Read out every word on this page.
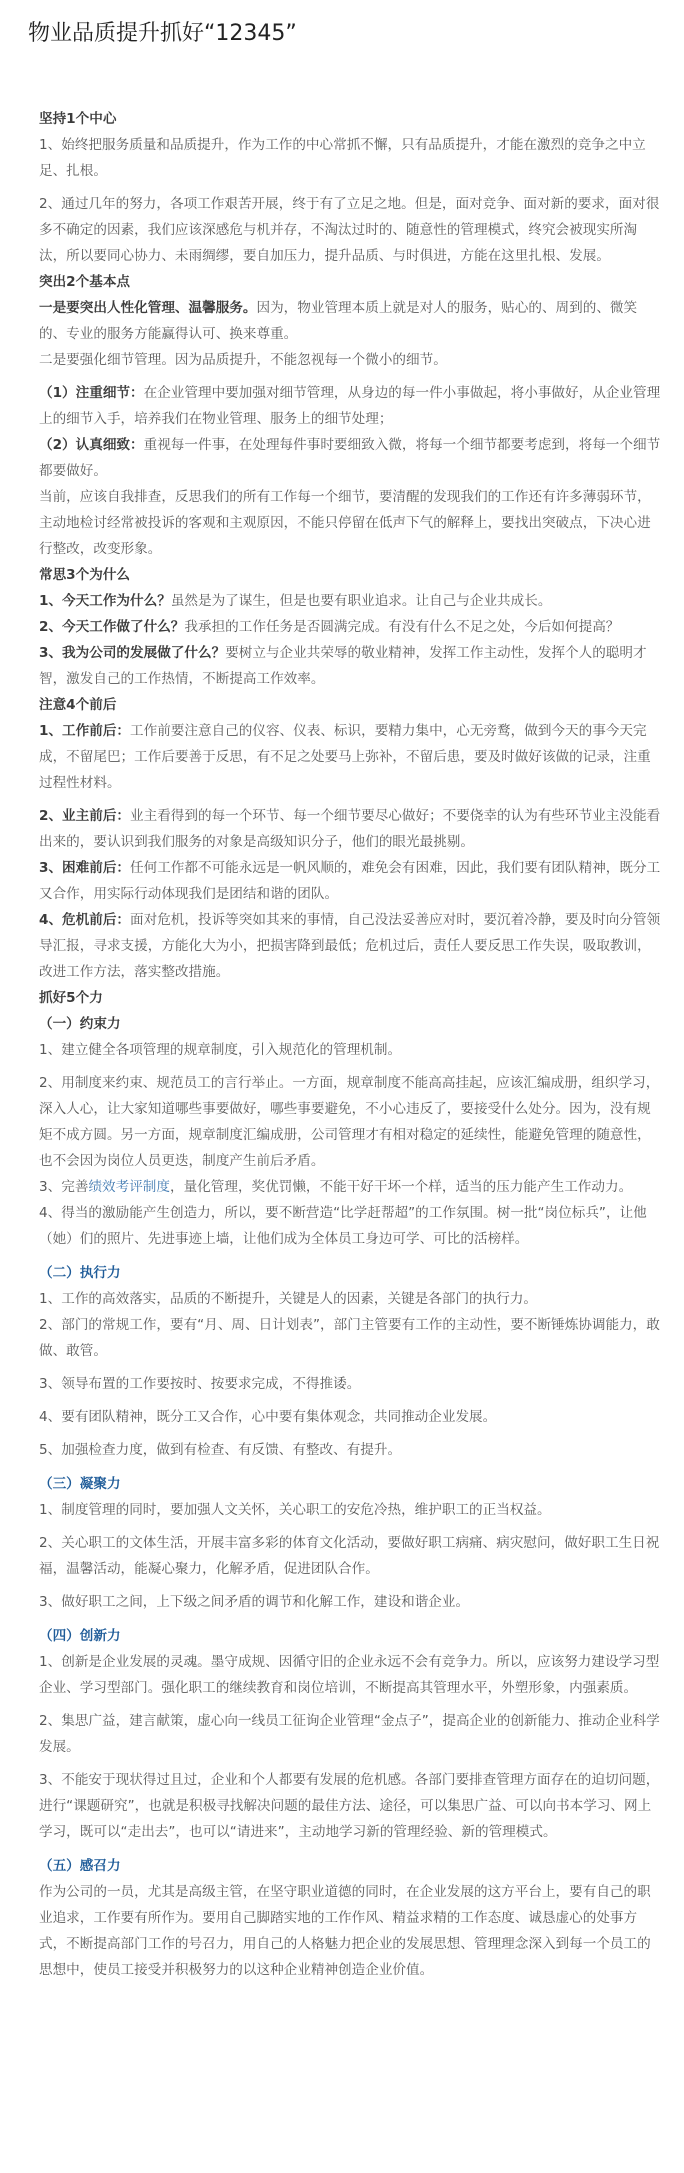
物业品质提升抓好“12345”

坚持1个中心

1、始终把服务质量和品质提升，作为工作的中心常抓不懈，只有品质提升，才能在激烈的竞争之中立足、扎根。

2、通过几年的努力，各项工作艰苦开展，终于有了立足之地。但是，面对竞争、面对新的要求，面对很多不确定的因素，我们应该深感危与机并存，不淘汰过时的、随意性的管理模式，终究会被现实所淘汰，所以要同心协力、未雨绸缪，要自加压力，提升品质、与时俱进，方能在这里扎根、发展。

突出2个基本点

一是要突出人性化管理、温馨服务。因为，物业管理本质上就是对人的服务，贴心的、周到的、微笑的、专业的服务方能赢得认可、换来尊重。

二是要强化细节管理。因为品质提升，不能忽视每一个微小的细节。

（1）注重细节：在企业管理中要加强对细节管理，从身边的每一件小事做起，将小事做好，从企业管理上的细节入手，培养我们在物业管理、服务上的细节处理；

（2）认真细致：重视每一件事，在处理每件事时要细致入微，将每一个细节都要考虑到，将每一个细节都要做好。

当前，应该自我排查，反思我们的所有工作每一个细节，要清醒的发现我们的工作还有许多薄弱环节，主动地检讨经常被投诉的客观和主观原因，不能只停留在低声下气的解释上，要找出突破点，下决心进行整改，改变形象。

常思3个为什么

1、今天工作为什么？虽然是为了谋生，但是也要有职业追求。让自己与企业共成长。

2、今天工作做了什么？我承担的工作任务是否圆满完成。有没有什么不足之处，今后如何提高？

3、我为公司的发展做了什么？要树立与企业共荣辱的敬业精神，发挥工作主动性，发挥个人的聪明才智，激发自己的工作热情，不断提高工作效率。

注意4个前后

1、工作前后：工作前要注意自己的仪容、仪表、标识，要精力集中，心无旁鹜，做到今天的事今天完成，不留尾巴；工作后要善于反思，有不足之处要马上弥补，不留后患，要及时做好该做的记录，注重过程性材料。

2、业主前后：业主看得到的每一个环节、每一个细节要尽心做好；不要侥幸的认为有些环节业主没能看出来的，要认识到我们服务的对象是高级知识分子，他们的眼光最挑剔。

3、困难前后：任何工作都不可能永远是一帆风顺的，难免会有困难，因此，我们要有团队精神，既分工又合作，用实际行动体现我们是团结和谐的团队。

4、危机前后：面对危机，投诉等突如其来的事情，自己没法妥善应对时，要沉着冷静，要及时向分管领导汇报，寻求支援，方能化大为小，把损害降到最低；危机过后，责任人要反思工作失误，吸取教训，改进工作方法，落实整改措施。

抓好5个力

（一）约束力

1、建立健全各项管理的规章制度，引入规范化的管理机制。

2、用制度来约束、规范员工的言行举止。一方面，规章制度不能高高挂起，应该汇编成册，组织学习，深入人心，让大家知道哪些事要做好，哪些事要避免，不小心违反了，要接受什么处分。因为，没有规矩不成方圆。另一方面，规章制度汇编成册，公司管理才有相对稳定的延续性，能避免管理的随意性，也不会因为岗位人员更迭，制度产生前后矛盾。

3、完善绩效考评制度，量化管理，奖优罚懒，不能干好干坏一个样，适当的压力能产生工作动力。

4、得当的激励能产生创造力，所以，要不断营造“比学赶帮超”的工作氛围。树一批“岗位标兵”，让他（她）们的照片、先进事迹上墙，让他们成为全体员工身边可学、可比的活榜样。

（二）执行力

1、工作的高效落实，品质的不断提升，关键是人的因素，关键是各部门的执行力。

2、部门的常规工作，要有“月、周、日计划表”，部门主管要有工作的主动性，要不断锤炼协调能力，敢做、敢管。

3、领导布置的工作要按时、按要求完成，不得推诿。

4、要有团队精神，既分工又合作，心中要有集体观念，共同推动企业发展。

5、加强检查力度，做到有检查、有反馈、有整改、有提升。

（三）凝聚力

1、制度管理的同时，要加强人文关怀，关心职工的安危冷热，维护职工的正当权益。

2、关心职工的文体生活，开展丰富多彩的体育文化活动，要做好职工病痛、病灾慰问，做好职工生日祝福，温馨活动，能凝心聚力，化解矛盾，促进团队合作。

3、做好职工之间，上下级之间矛盾的调节和化解工作，建设和谐企业。

（四）创新力

1、创新是企业发展的灵魂。墨守成规、因循守旧的企业永远不会有竞争力。所以，应该努力建设学习型企业、学习型部门。强化职工的继续教育和岗位培训，不断提高其管理水平，外塑形象，内强素质。

2、集思广益，建言献策，虚心向一线员工征询企业管理“金点子”，提高企业的创新能力、推动企业科学发展。

3、不能安于现状得过且过，企业和个人都要有发展的危机感。各部门要排查管理方面存在的迫切问题，进行“课题研究”，也就是积极寻找解决问题的最佳方法、途径，可以集思广益、可以向书本学习、网上学习，既可以“走出去”，也可以“请进来”，主动地学习新的管理经验、新的管理模式。

（五）感召力

作为公司的一员，尤其是高级主管，在坚守职业道德的同时，在企业发展的这方平台上，要有自己的职业追求，工作要有所作为。要用自己脚踏实地的工作作风、精益求精的工作态度、诚恳虚心的处事方式，不断提高部门工作的号召力，用自己的人格魅力把企业的发展思想、管理理念深入到每一个员工的思想中，使员工接受并积极努力的以这种企业精神创造企业价值。
